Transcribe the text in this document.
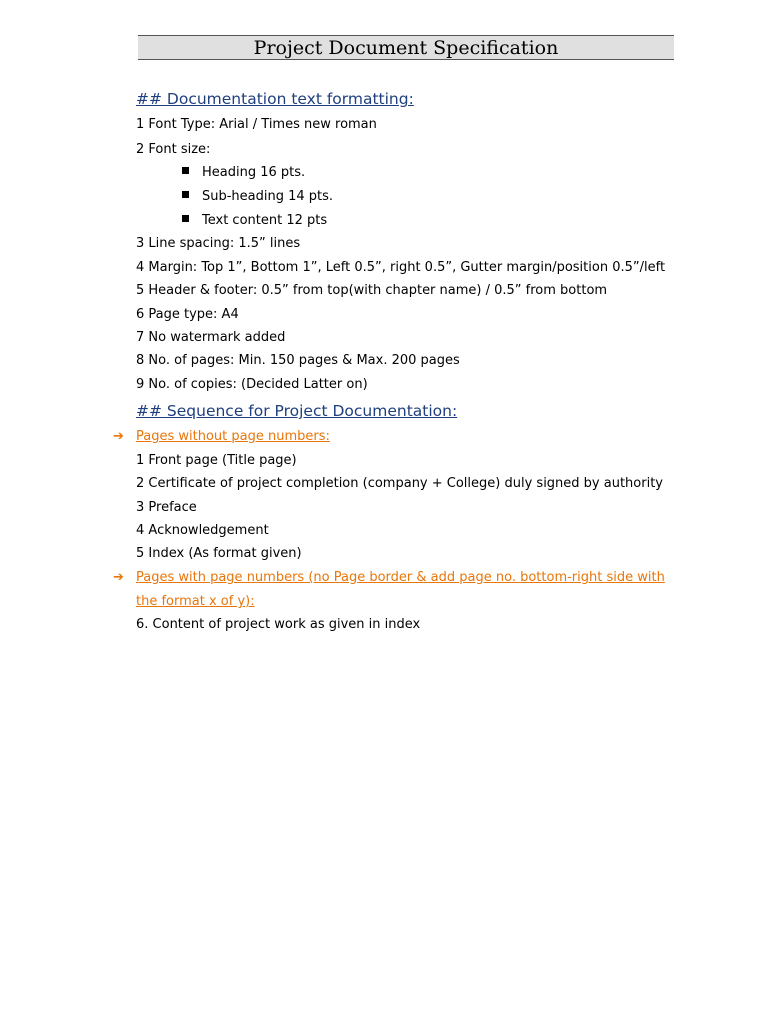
Project Document Specification
## Documentation text formatting:
1 Font Type: Arial / Times new roman
2 Font size:
Heading 16 pts.
Sub-heading 14 pts.
Text content 12 pts
3 Line spacing: 1.5” lines
4 Margin: Top 1”, Bottom 1”, Left 0.5”, right 0.5”, Gutter margin/position 0.5”/left
5 Header & footer: 0.5” from top(with chapter name) / 0.5” from bottom
6 Page type: A4
7 No watermark added
8 No. of pages: Min. 150 pages & Max. 200 pages
9 No. of copies: (Decided Latter on)
## Sequence for Project Documentation:
➔ Pages without page numbers:
1 Front page (Title page)
2 Certificate of project completion (company + College) duly signed by authority
3 Preface
4 Acknowledgement
5 Index (As format given)
➔ Pages with page numbers (no Page border & add page no. bottom-right side with
the format x of y):
6. Content of project work as given in index
